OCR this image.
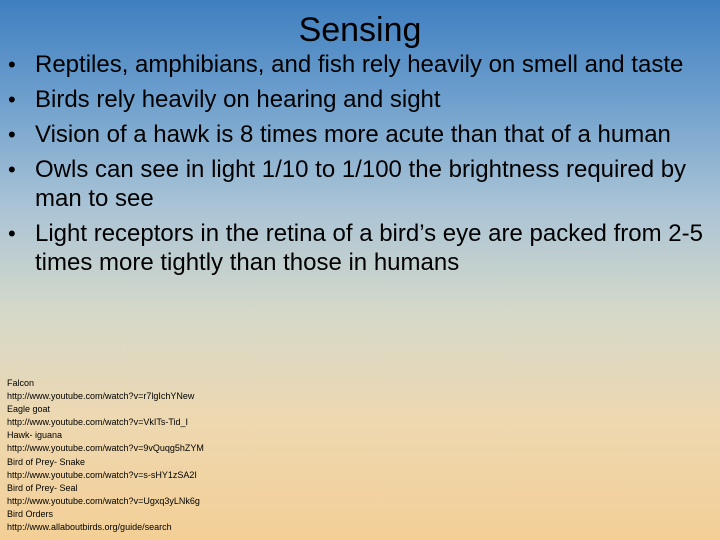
Sensing
• Reptiles, amphibians, and fish rely heavily on smell and taste
• Birds rely heavily on hearing and sight
• Vision of a hawk is 8 times more acute than that of a human
• Owls can see in light 1/10 to 1/100 the brightness required by man to see
• Light receptors in the retina of a bird’s eye are packed from 2-5 times more tightly than those in humans
Falcon
http://www.youtube.com/watch?v=r7lgIchYNew
Eagle goat
http://www.youtube.com/watch?v=VkITs-Tid_I
Hawk- iguana
http://www.youtube.com/watch?v=9vQuqg5hZYM
Bird of Prey- Snake
http://www.youtube.com/watch?v=s-sHY1zSA2I
Bird of Prey- Seal
http://www.youtube.com/watch?v=Ugxq3yLNk6g
Bird Orders
http://www.allaboutbirds.org/guide/search
